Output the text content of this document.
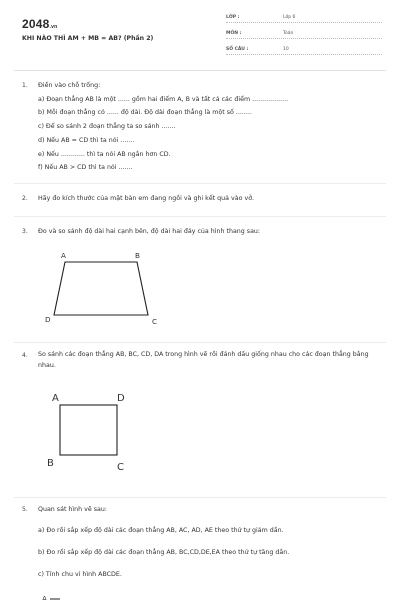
2048.vn
KHI NÀO THÌ AM + MB = AB? (Phần 2)
LỚP :	Lớp 6
MÔN :	Toán
SỐ CÂU :	10
1. Điền vào chỗ trống:
a) Đoạn thẳng AB là một ...... gồm hai điểm A, B và tất cả các điểm ..................
b) Mỗi đoạn thẳng có ...... độ dài. Độ dài đoạn thẳng là một số ........
c) Để so sánh 2 đoạn thẳng ta so sánh .......
d) Nếu AB = CD thì ta nói .......
e) Nếu ............ thì ta nói AB ngắn hơn CD.
f) Nếu AB > CD thì ta nói .......
2. Hãy đo kích thước của mặt bàn em đang ngồi và ghi kết quả vào vở.
3. Đo và so sánh độ dài hai cạnh bên, độ dài hai đáy của hình thang sau:
A	B
C
D
4. So sánh các đoạn thẳng AB, BC, CD, DA trong hình vẽ rồi đánh dấu giống nhau cho các đoạn thẳng bằng nhau.
A	D
B	C
5. Quan sát hình vẽ sau:
a) Đo rồi sắp xếp độ dài các đoạn thẳng AB, AC, AD, AE theo thứ tự giảm dần.
b) Đo rồi sắp xếp độ dài các đoạn thẳng AB, BC,CD,DE,EA theo thứ tự tăng dần.
c) Tính chu vi hình ABCDE.
A
